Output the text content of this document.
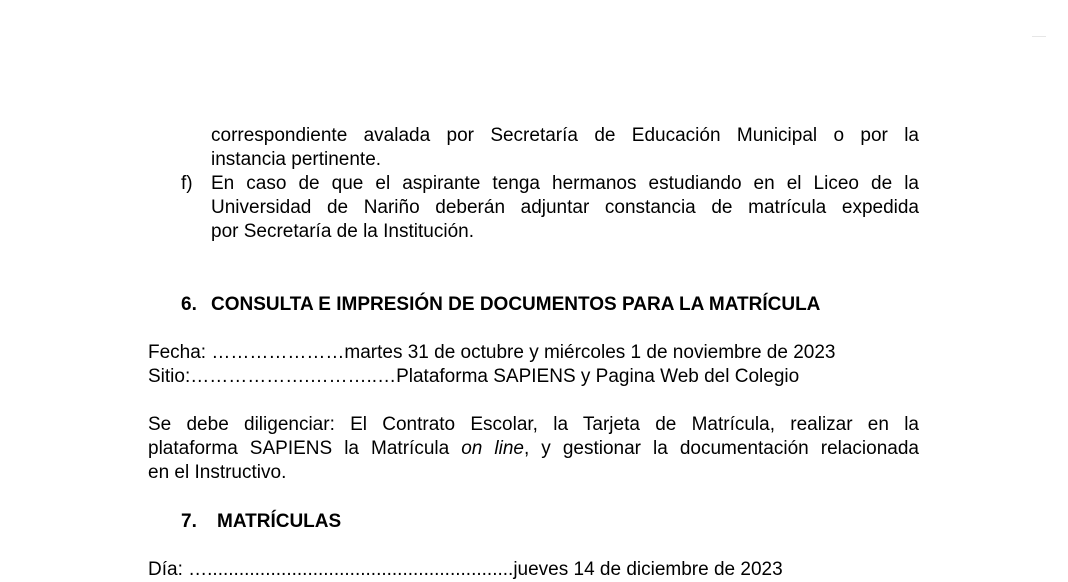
correspondiente avalada por Secretaría de Educación Municipal o por la
instancia pertinente.
f) En caso de que el aspirante tenga hermanos estudiando en el Liceo de la
Universidad de Nariño deberán adjuntar constancia de matrícula expedida
por Secretaría de la Institución.
6. CONSULTA E IMPRESIÓN DE DOCUMENTOS PARA LA MATRÍCULA
Fecha: …………………martes 31 de octubre y miércoles 1 de noviembre de 2023
Sitio:……………….………..…Plataforma SAPIENS y Pagina Web del Colegio
Se debe diligenciar: El Contrato Escolar, la Tarjeta de Matrícula, realizar en la
plataforma SAPIENS la Matrícula on line, y gestionar la documentación relacionada
en el Instructivo.
7. MATRÍCULAS
Día: …..........................................................jueves 14 de diciembre de 2023
